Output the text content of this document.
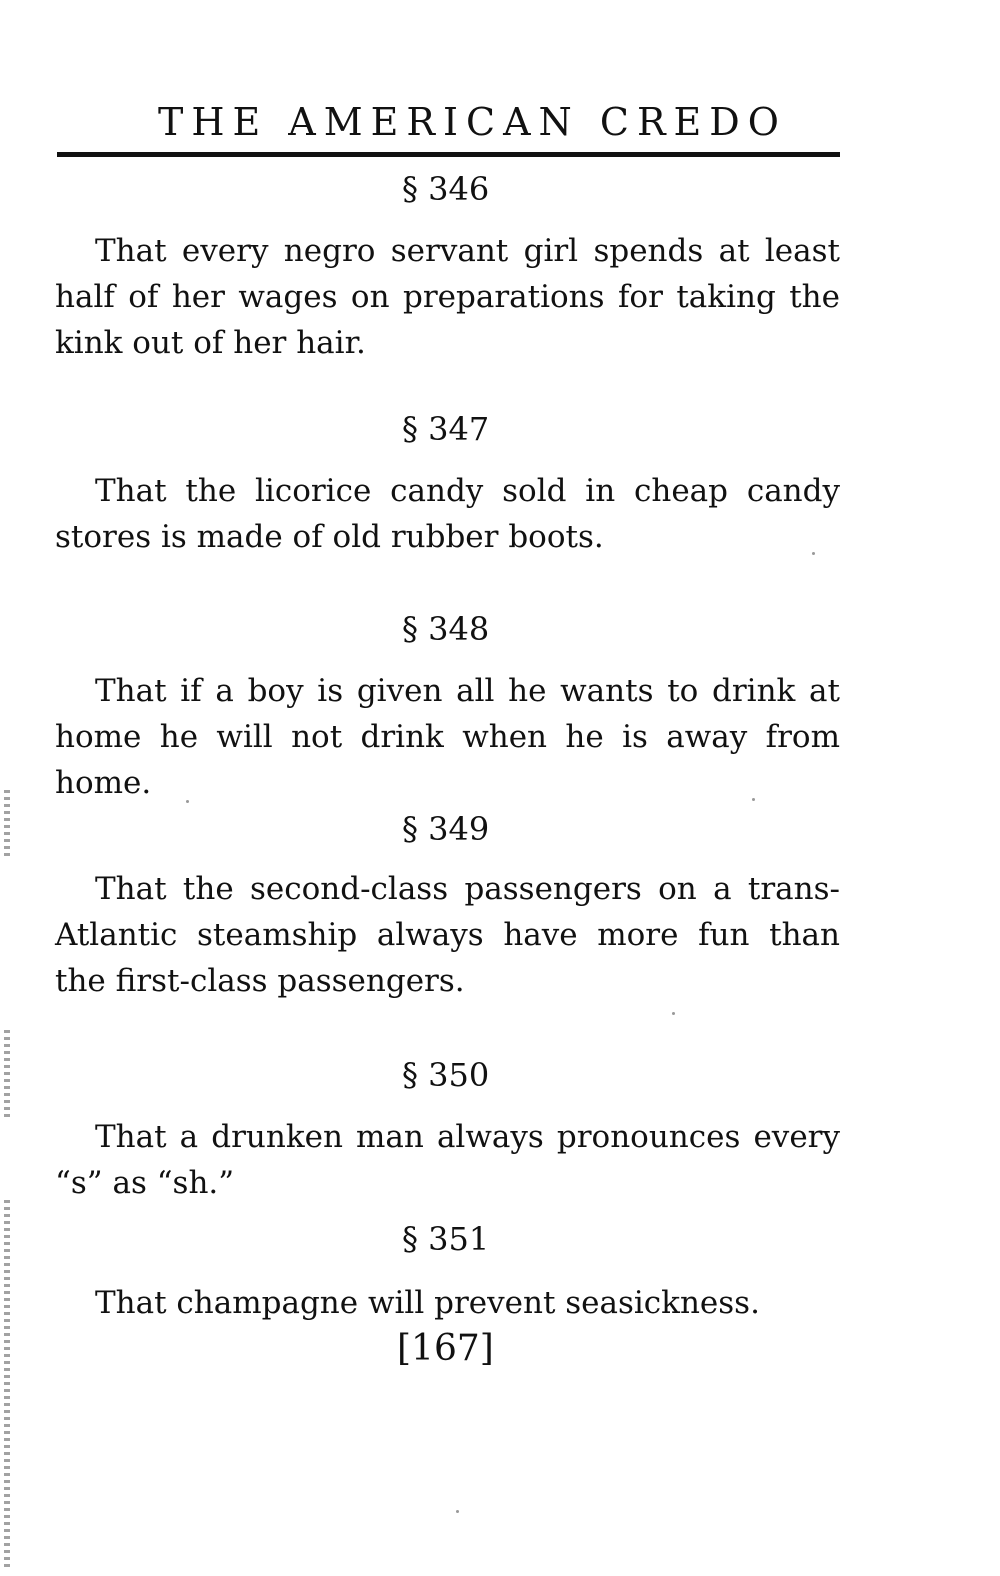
THE AMERICAN CREDO
§ 346
That every negro servant girl spends at least half of her wages on preparations for taking the kink out of her hair.
§ 347
That the licorice candy sold in cheap candy stores is made of old rubber boots.
§ 348
That if a boy is given all he wants to drink at home he will not drink when he is away from home.
§ 349
That the second-class passengers on a trans-Atlantic steamship always have more fun than the first-class passengers.
§ 350
That a drunken man always pronounces every “s” as “sh.”
§ 351
That champagne will prevent seasickness.
[167]
